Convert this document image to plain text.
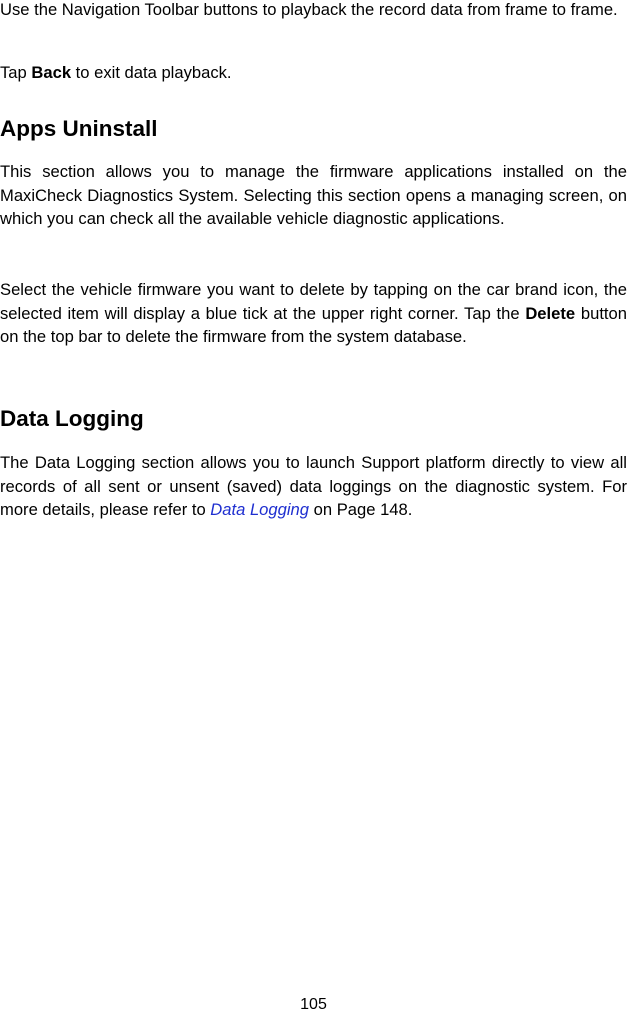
Use the Navigation Toolbar buttons to playback the record data from frame to frame.

Tap Back to exit data playback.

Apps Uninstall

This section allows you to manage the firmware applications installed on the MaxiCheck Diagnostics System. Selecting this section opens a managing screen, on which you can check all the available vehicle diagnostic applications.

Select the vehicle firmware you want to delete by tapping on the car brand icon, the selected item will display a blue tick at the upper right corner. Tap the Delete button on the top bar to delete the firmware from the system database.

Data Logging

The Data Logging section allows you to launch Support platform directly to view all records of all sent or unsent (saved) data loggings on the diagnostic system. For more details, please refer to Data Logging on Page 148.

105
